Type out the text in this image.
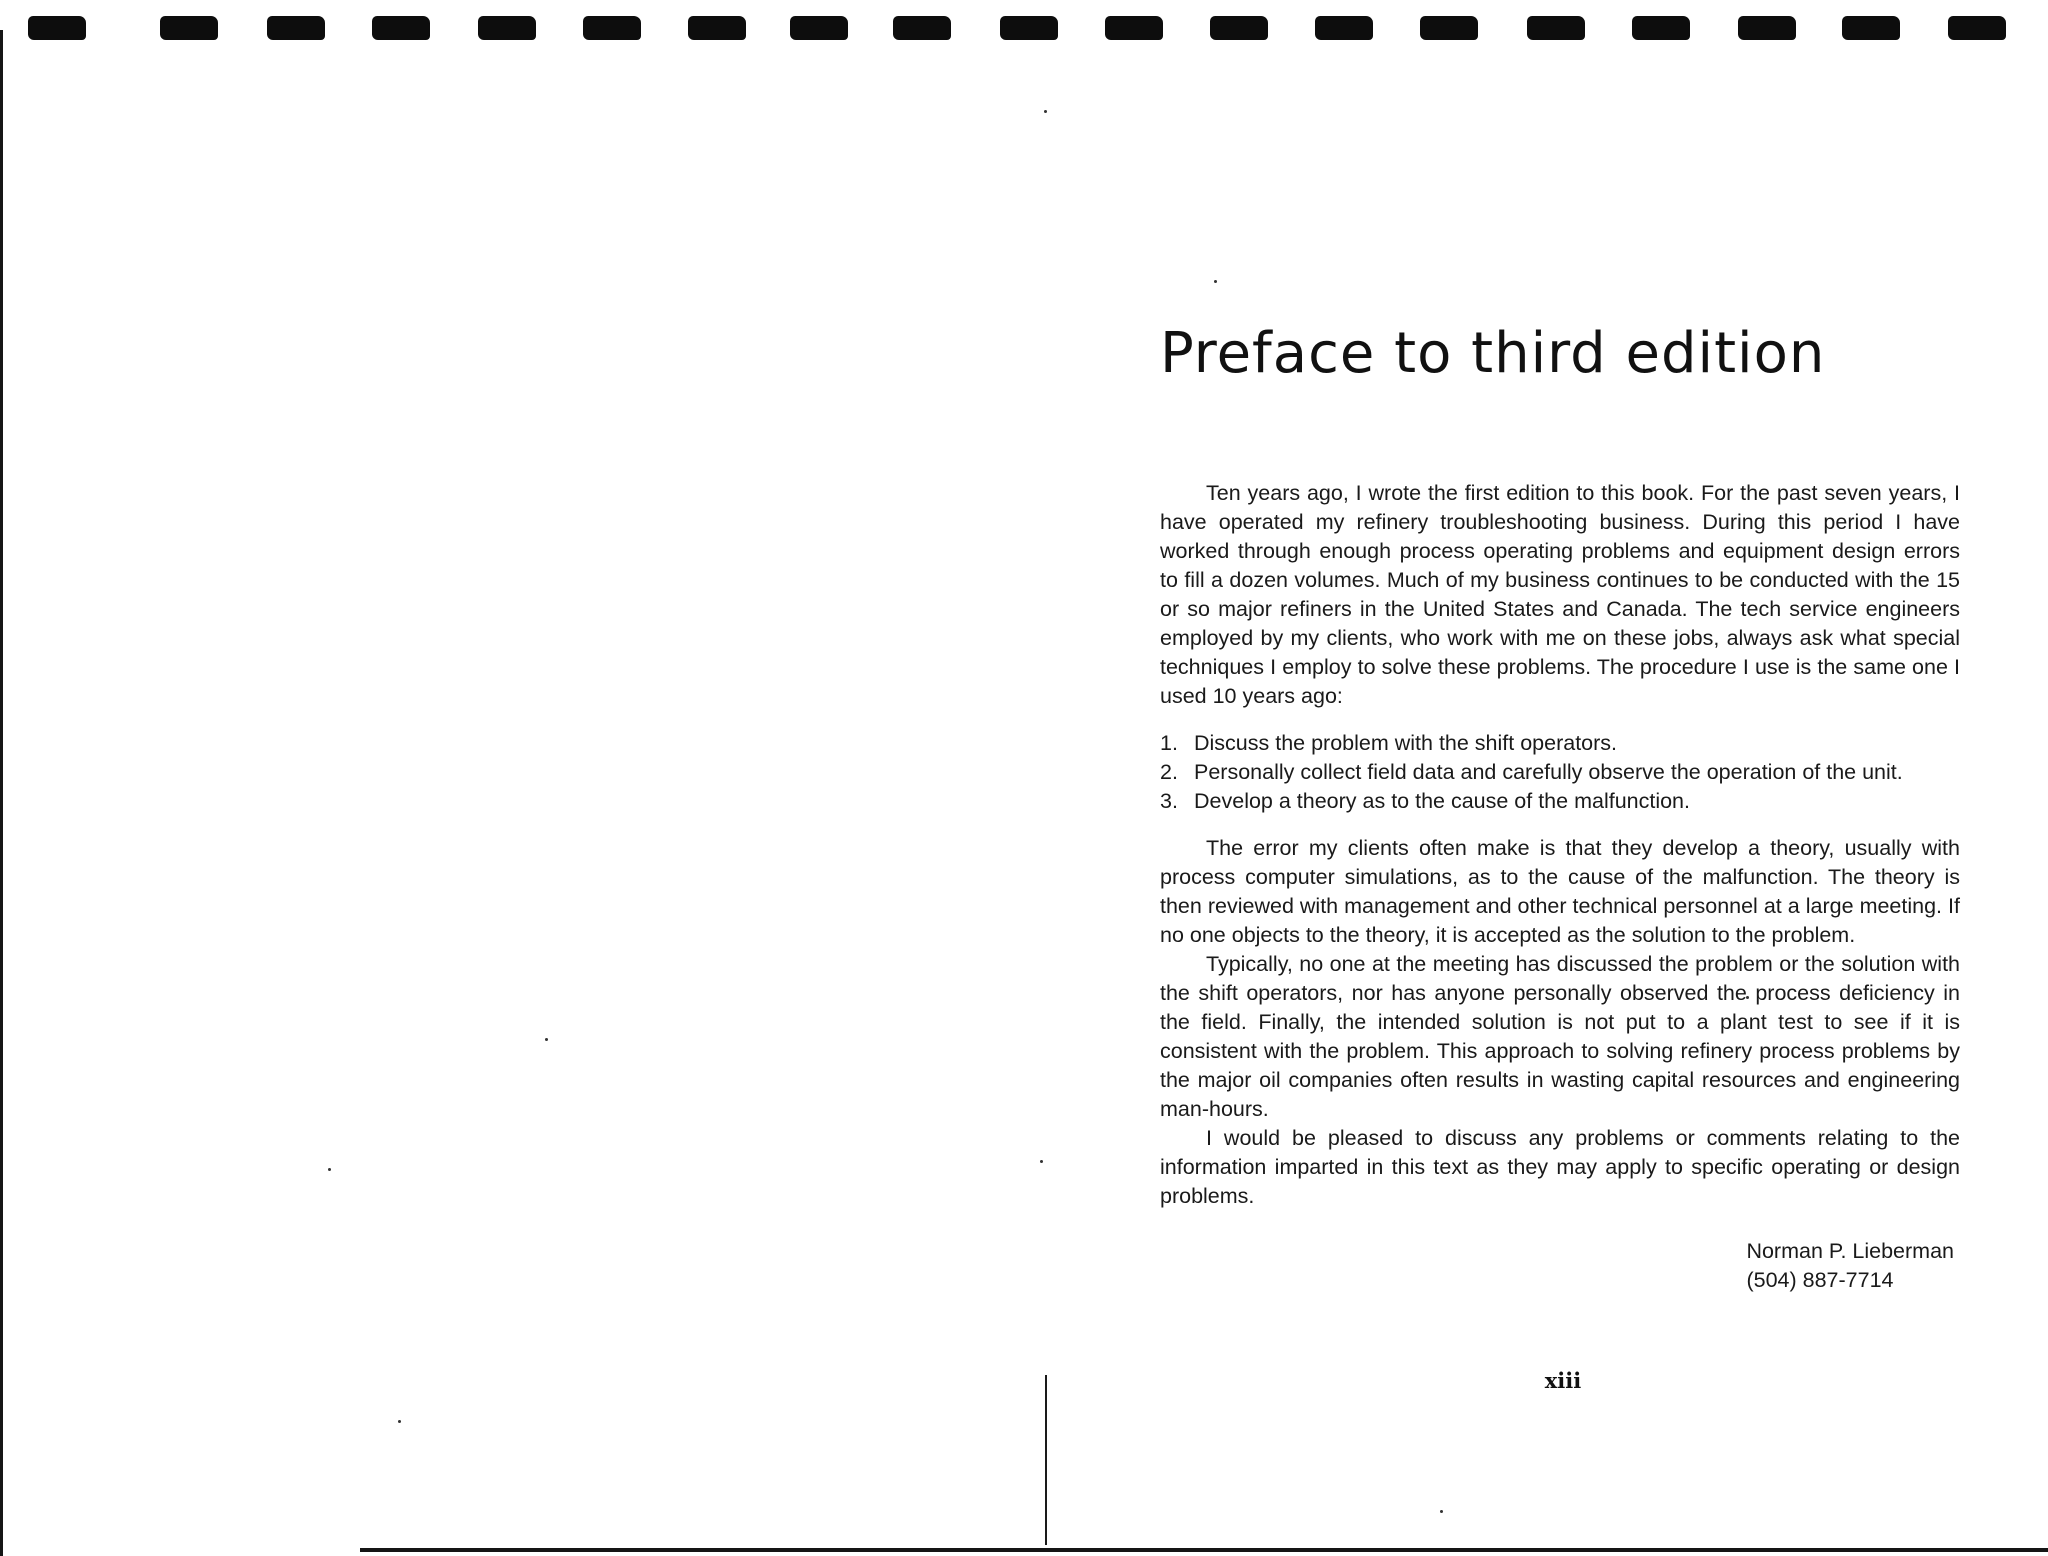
Preface to third edition

Ten years ago, I wrote the first edition to this book. For the past seven years, I have operated my refinery troubleshooting business. During this period I have worked through enough process operating problems and equipment design errors to fill a dozen volumes. Much of my business continues to be conducted with the 15 or so major refiners in the United States and Canada. The tech service engineers employed by my clients, who work with me on these jobs, always ask what special techniques I employ to solve these problems. The procedure I use is the same one I used 10 years ago:

1. Discuss the problem with the shift operators.
2. Personally collect field data and carefully observe the operation of the unit.
3. Develop a theory as to the cause of the malfunction.

The error my clients often make is that they develop a theory, usually with process computer simulations, as to the cause of the malfunction. The theory is then reviewed with management and other technical personnel at a large meeting. If no one objects to the theory, it is accepted as the solution to the problem.

Typically, no one at the meeting has discussed the problem or the solution with the shift operators, nor has anyone personally observed the process deficiency in the field. Finally, the intended solution is not put to a plant test to see if it is consistent with the problem. This approach to solving refinery process problems by the major oil companies often results in wasting capital resources and engineering man-hours.

I would be pleased to discuss any problems or comments relating to the information imparted in this text as they may apply to specific operating or design problems.

Norman P. Lieberman
(504) 887-7714
xiii
